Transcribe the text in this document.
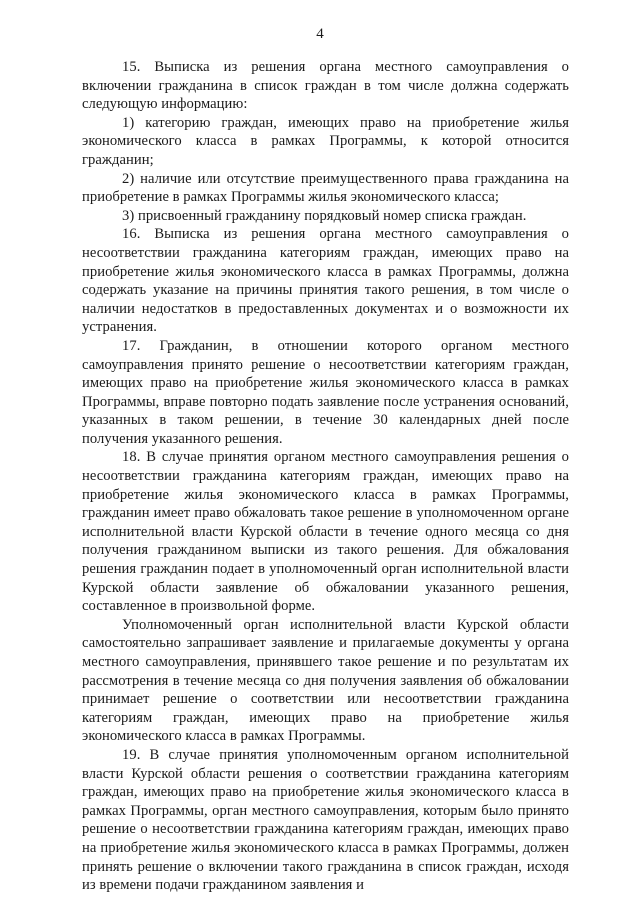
4

15. Выписка из решения органа местного самоуправления о включении гражданина в список граждан в том числе должна содержать следующую информацию:

1) категорию граждан, имеющих право на приобретение жилья экономического класса в рамках Программы, к которой относится гражданин;

2) наличие или отсутствие преимущественного права гражданина на приобретение в рамках Программы жилья экономического класса;

3) присвоенный гражданину порядковый номер списка граждан.

16. Выписка из решения органа местного самоуправления о несоответствии гражданина категориям граждан, имеющих право на приобретение жилья экономического класса в рамках Программы, должна содержать указание на причины принятия такого решения, в том числе о наличии недостатков в предоставленных документах и о возможности их устранения.

17. Гражданин, в отношении которого органом местного самоуправления принято решение о несоответствии категориям граждан, имеющих право на приобретение жилья экономического класса в рамках Программы, вправе повторно подать заявление после устранения оснований, указанных в таком решении, в течение 30 календарных дней после получения указанного решения.

18. В случае принятия органом местного самоуправления решения о несоответствии гражданина категориям граждан, имеющих право на приобретение жилья экономического класса в рамках Программы, гражданин имеет право обжаловать такое решение в уполномоченном органе исполнительной власти Курской области в течение одного месяца со дня получения гражданином выписки из такого решения. Для обжалования решения гражданин подает в уполномоченный орган исполнительной власти Курской области заявление об обжаловании указанного решения, составленное в произвольной форме.

Уполномоченный орган исполнительной власти Курской области самостоятельно запрашивает заявление и прилагаемые документы у органа местного самоуправления, принявшего такое решение и по результатам их рассмотрения в течение месяца со дня получения заявления об обжаловании принимает решение о соответствии или несоответствии гражданина категориям граждан, имеющих право на приобретение жилья экономического класса в рамках Программы.

19. В случае принятия уполномоченным органом исполнительной власти Курской области решения о соответствии гражданина категориям граждан, имеющих право на приобретение жилья экономического класса в рамках Программы, орган местного самоуправления, которым было принято решение о несоответствии гражданина категориям граждан, имеющих право на приобретение жилья экономического класса в рамках Программы, должен принять решение о включении такого гражданина в список граждан, исходя из времени подачи гражданином заявления и
